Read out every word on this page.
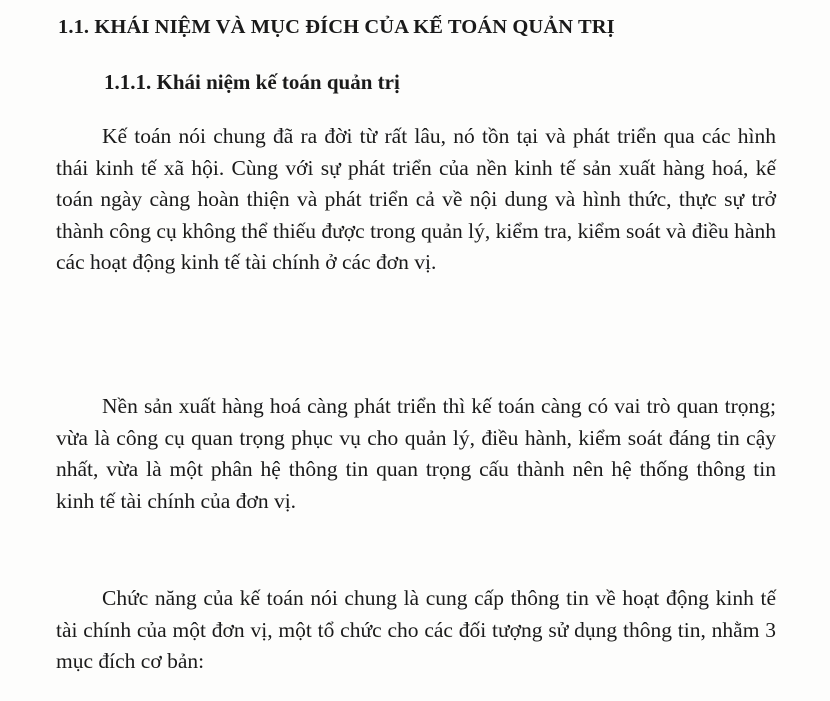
1.1. KHÁI NIỆM VÀ MỤC ĐÍCH CỦA KẾ TOÁN QUẢN TRỊ
1.1.1. Khái niệm kế toán quản trị

Kế toán nói chung đã ra đời từ rất lâu, nó tồn tại và phát triển qua các hình thái kinh tế xã hội. Cùng với sự phát triển của nền kinh tế sản xuất hàng hoá, kế toán ngày càng hoàn thiện và phát triển cả về nội dung và hình thức, thực sự trở thành công cụ không thể thiếu được trong quản lý, kiểm tra, kiểm soát và điều hành các hoạt động kinh tế tài chính ở các đơn vị.

Nền sản xuất hàng hoá càng phát triển thì kế toán càng có vai trò quan trọng; vừa là công cụ quan trọng phục vụ cho quản lý, điều hành, kiểm soát đáng tin cậy nhất, vừa là một phân hệ thông tin quan trọng cấu thành nên hệ thống thông tin kinh tế tài chính của đơn vị.

Chức năng của kế toán nói chung là cung cấp thông tin về hoạt động kinh tế tài chính của một đơn vị, một tổ chức cho các đối tượng sử dụng thông tin, nhằm 3 mục đích cơ bản:
